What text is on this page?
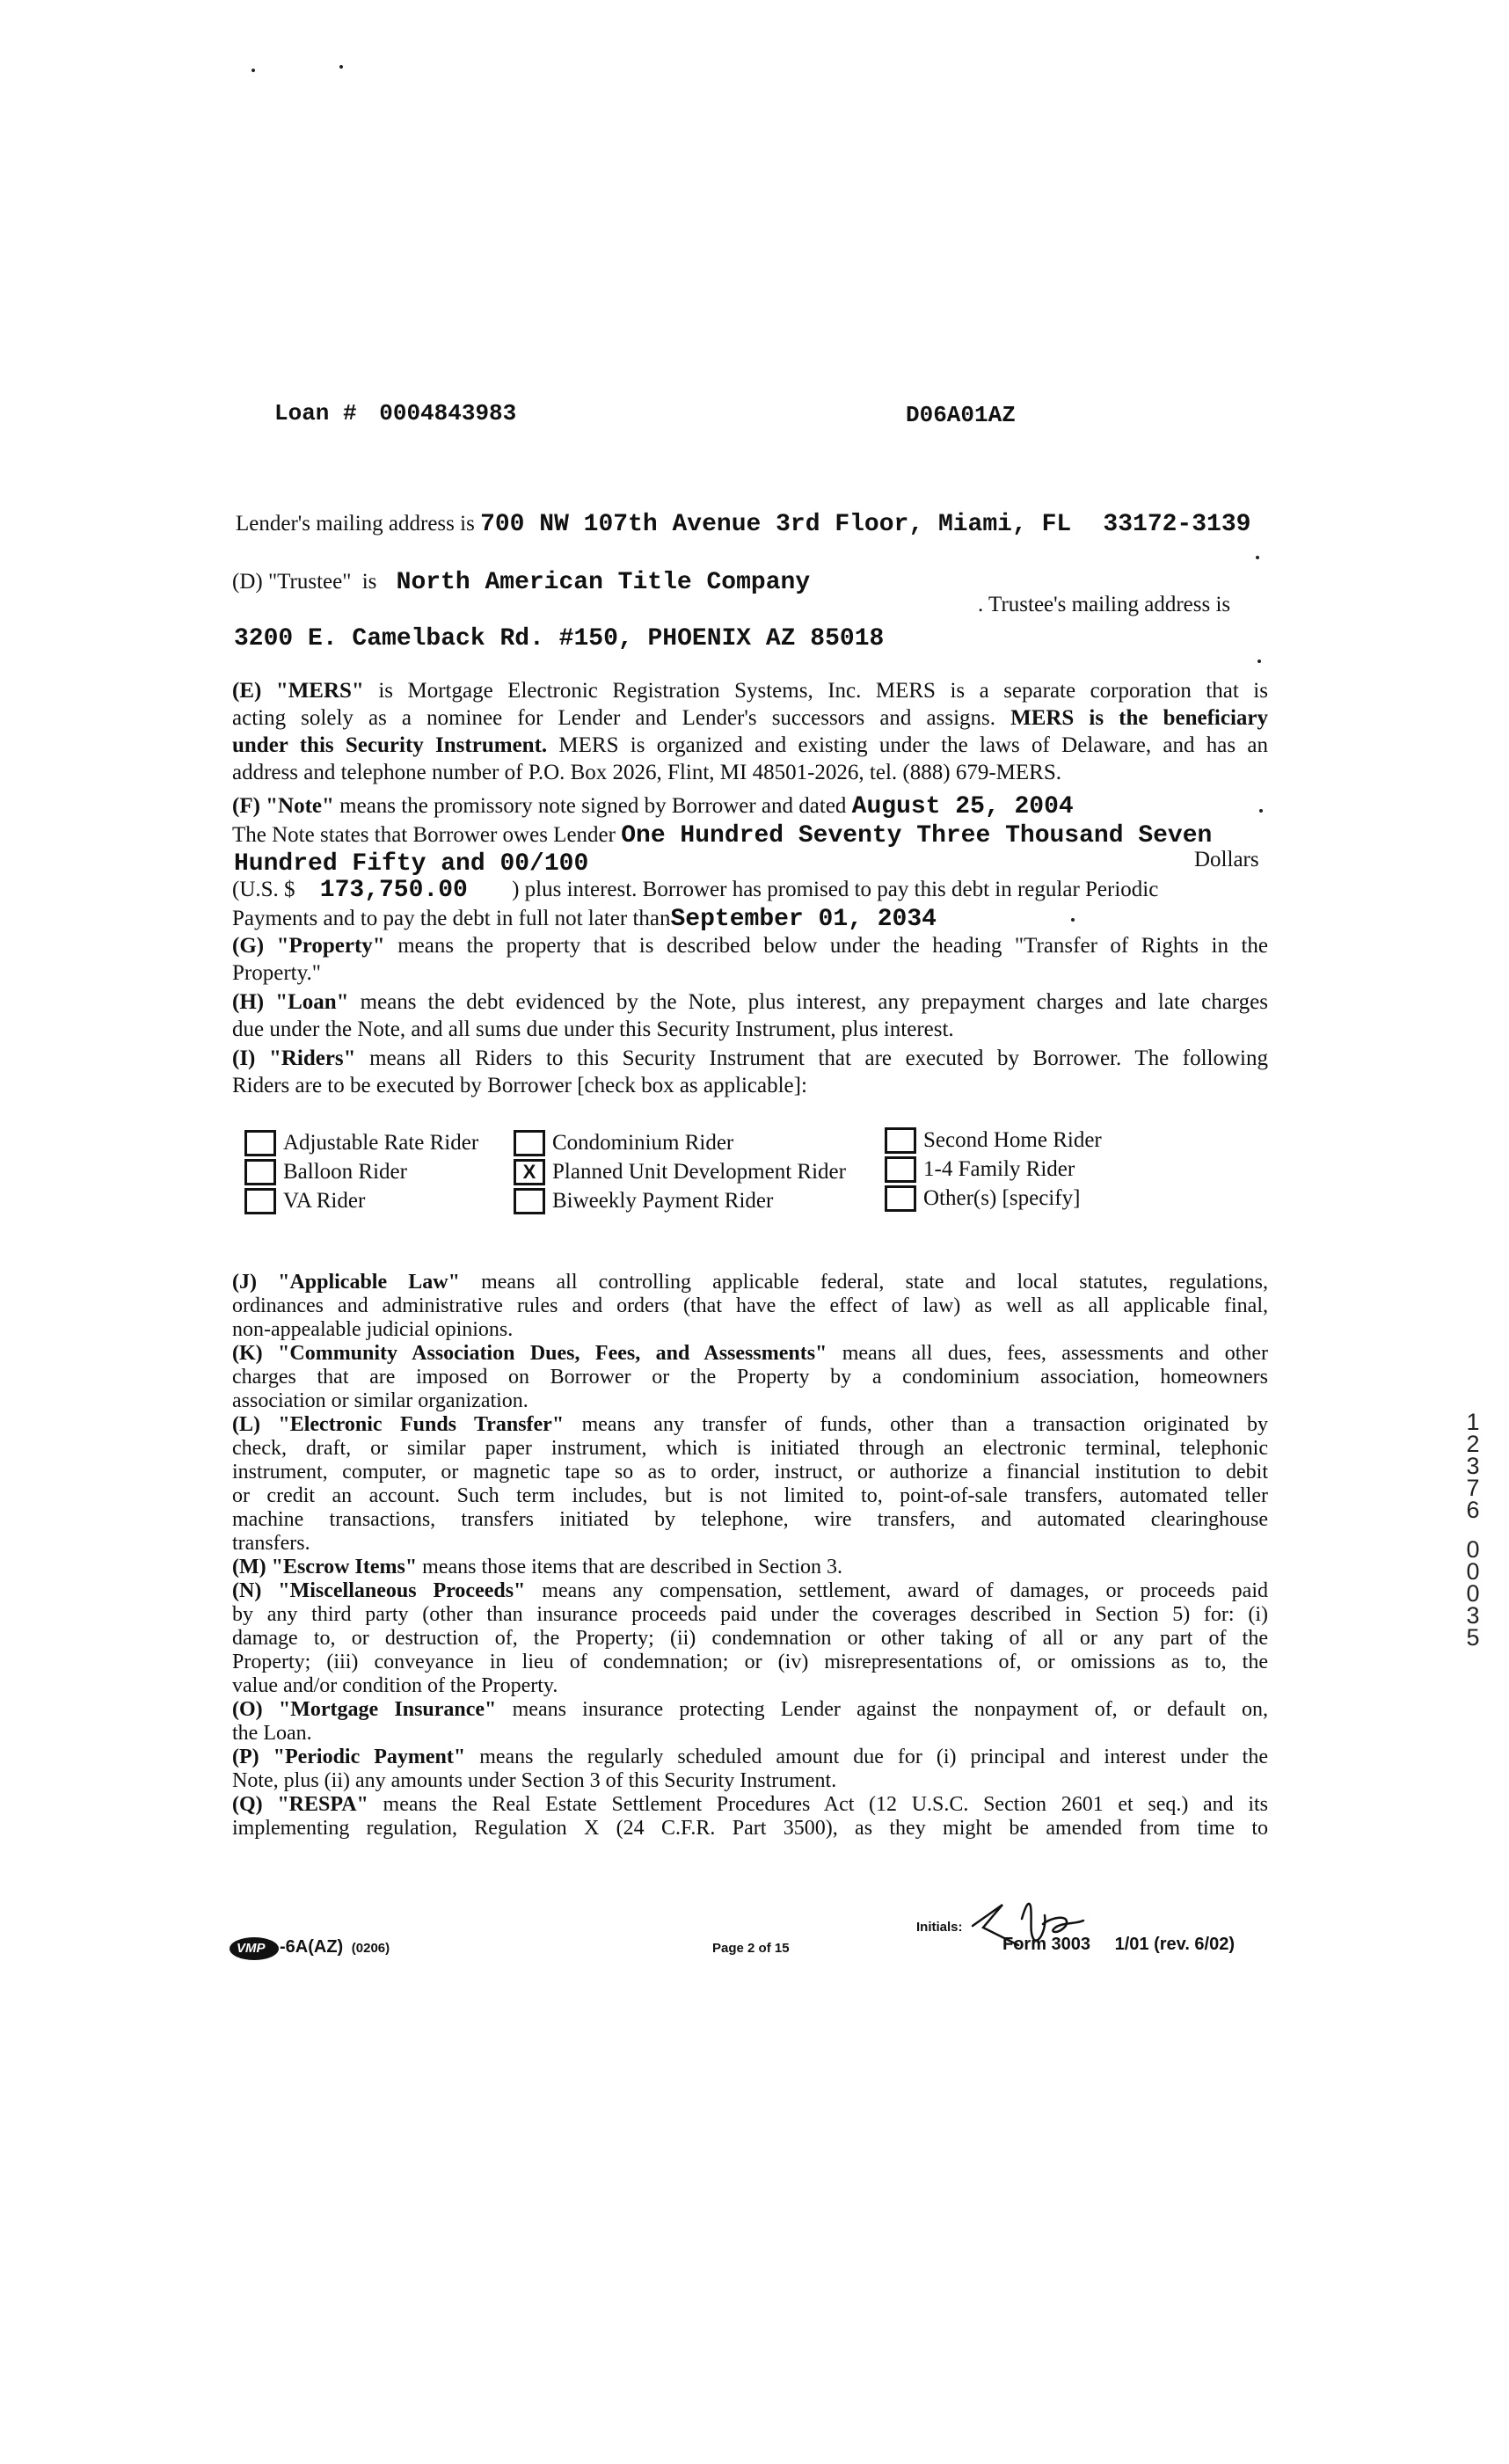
Loan # 0004843983	D06A01AZ
Lender's mailing address is 700 NW 107th Avenue 3rd Floor, Miami, FL 33172-3139
(D) "Trustee" is North American Title Company
. Trustee's mailing address is
3200 E. Camelback Rd. #150, PHOENIX AZ 85018
(E) "MERS" is Mortgage Electronic Registration Systems, Inc. MERS is a separate corporation that is
acting solely as a nominee for Lender and Lender's successors and assigns. MERS is the beneficiary
under this Security Instrument. MERS is organized and existing under the laws of Delaware, and has an
address and telephone number of P.O. Box 2026, Flint, MI 48501-2026, tel. (888) 679-MERS.
(F) "Note" means the promissory note signed by Borrower and dated August 25, 2004
The Note states that Borrower owes Lender One Hundred Seventy Three Thousand Seven
Hundred Fifty and 00/100	Dollars
(U.S. $ 173,750.00 ) plus interest. Borrower has promised to pay this debt in regular Periodic
Payments and to pay the debt in full not later thanSeptember 01, 2034
(G) "Property" means the property that is described below under the heading "Transfer of Rights in the
Property."
(H) "Loan" means the debt evidenced by the Note, plus interest, any prepayment charges and late charges
due under the Note, and all sums due under this Security Instrument, plus interest.
(I) "Riders" means all Riders to this Security Instrument that are executed by Borrower. The following
Riders are to be executed by Borrower [check box as applicable]:
Adjustable Rate Rider
Balloon Rider
VA Rider
Condominium Rider
X Planned Unit Development Rider
Biweekly Payment Rider
Second Home Rider
1-4 Family Rider
Other(s) [specify]
(J) "Applicable Law" means all controlling applicable federal, state and local statutes, regulations,
ordinances and administrative rules and orders (that have the effect of law) as well as all applicable final,
non-appealable judicial opinions.
(K) "Community Association Dues, Fees, and Assessments" means all dues, fees, assessments and other
charges that are imposed on Borrower or the Property by a condominium association, homeowners
association or similar organization.
(L) "Electronic Funds Transfer" means any transfer of funds, other than a transaction originated by
check, draft, or similar paper instrument, which is initiated through an electronic terminal, telephonic
instrument, computer, or magnetic tape so as to order, instruct, or authorize a financial institution to debit
or credit an account. Such term includes, but is not limited to, point-of-sale transfers, automated teller
machine transactions, transfers initiated by telephone, wire transfers, and automated clearinghouse
transfers.
(M) "Escrow Items" means those items that are described in Section 3.
(N) "Miscellaneous Proceeds" means any compensation, settlement, award of damages, or proceeds paid
by any third party (other than insurance proceeds paid under the coverages described in Section 5) for: (i)
damage to, or destruction of, the Property; (ii) condemnation or other taking of all or any part of the
Property; (iii) conveyance in lieu of condemnation; or (iv) misrepresentations of, or omissions as to, the
value and/or condition of the Property.
(O) "Mortgage Insurance" means insurance protecting Lender against the nonpayment of, or default on,
the Loan.
(P) "Periodic Payment" means the regularly scheduled amount due for (i) principal and interest under the
Note, plus (ii) any amounts under Section 3 of this Security Instrument.
(Q) "RESPA" means the Real Estate Settlement Procedures Act (12 U.S.C. Section 2601 et seq.) and its
implementing regulation, Regulation X (24 C.F.R. Part 3500), as they might be amended from time to
1
2
3
7
6
0
0
0
3
5
VMP -6A(AZ) (0206)	Page 2 of 15
Initials:
Form 3003 1/01 (rev. 6/02)
